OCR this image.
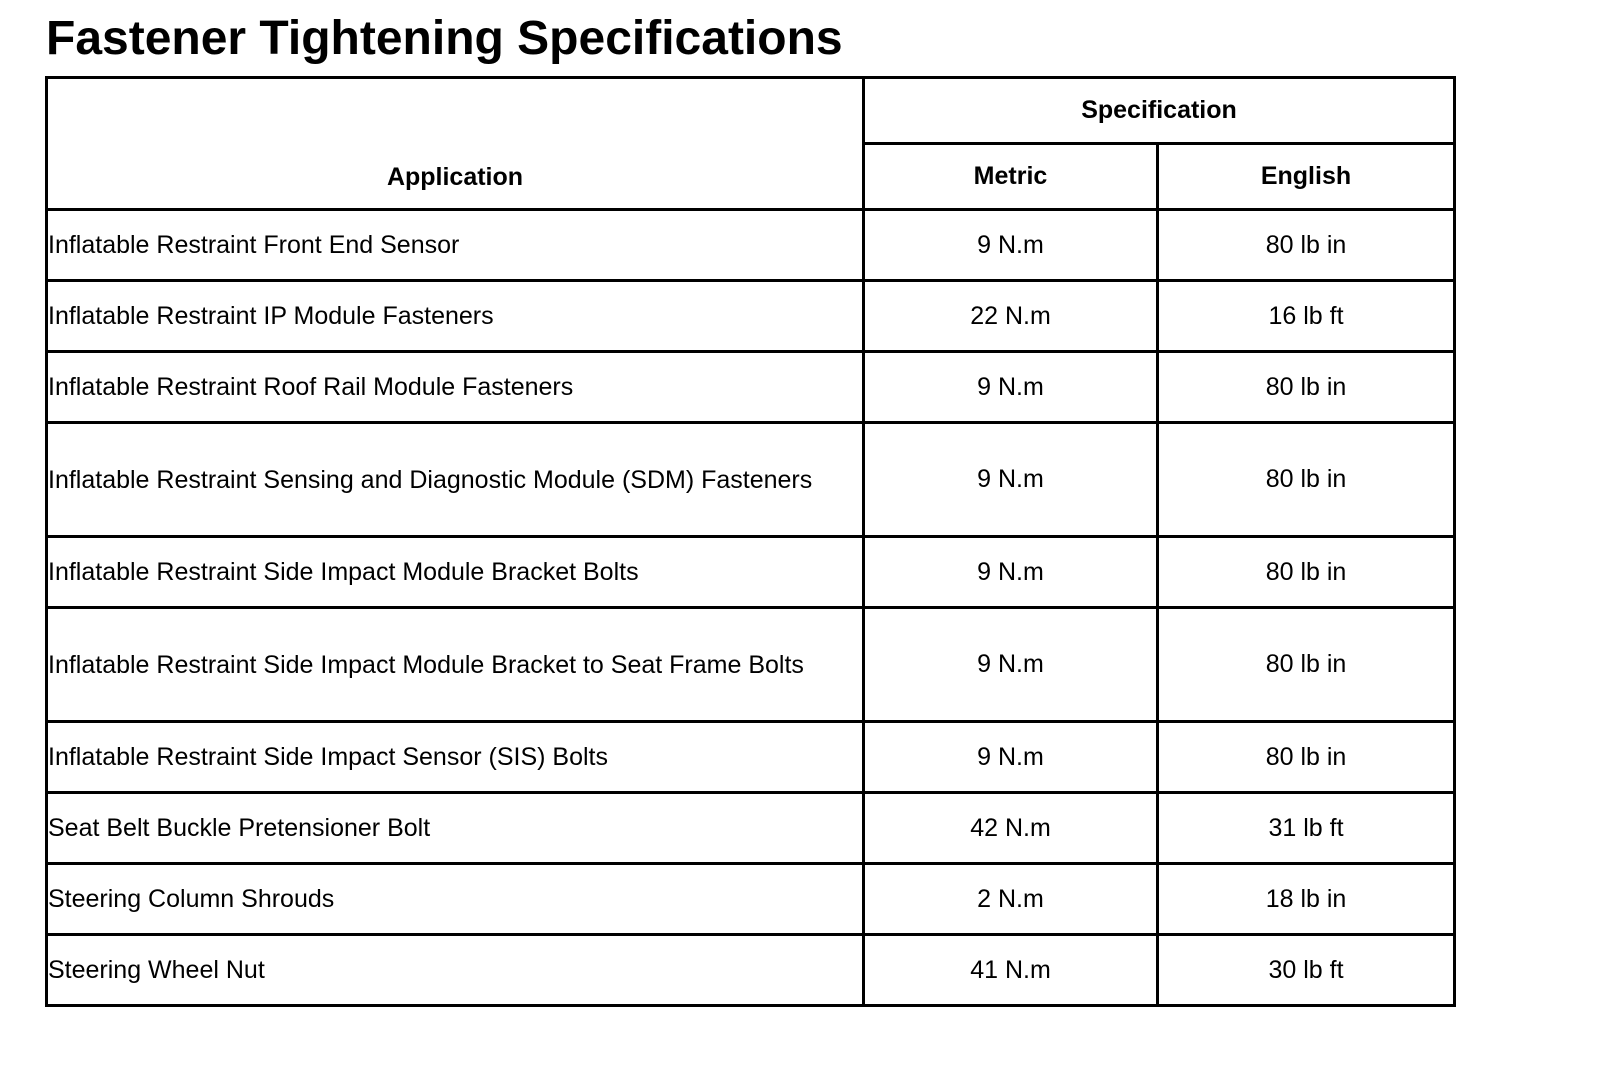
Fastener Tightening Specifications
Application	Specification	
	Metric	English
Inflatable Restraint Front End Sensor	9 N.m	80 lb in
Inflatable Restraint IP Module Fasteners	22 N.m	16 lb ft
Inflatable Restraint Roof Rail Module Fasteners	9 N.m	80 lb in
Inflatable Restraint Sensing and Diagnostic Module (SDM) Fasteners	9 N.m	80 lb in
Inflatable Restraint Side Impact Module Bracket Bolts	9 N.m	80 lb in
Inflatable Restraint Side Impact Module Bracket to Seat Frame Bolts	9 N.m	80 lb in
Inflatable Restraint Side Impact Sensor (SIS) Bolts	9 N.m	80 lb in
Seat Belt Buckle Pretensioner Bolt	42 N.m	31 lb ft
Steering Column Shrouds	2 N.m	18 lb in
Steering Wheel Nut	41 N.m	30 lb ft
